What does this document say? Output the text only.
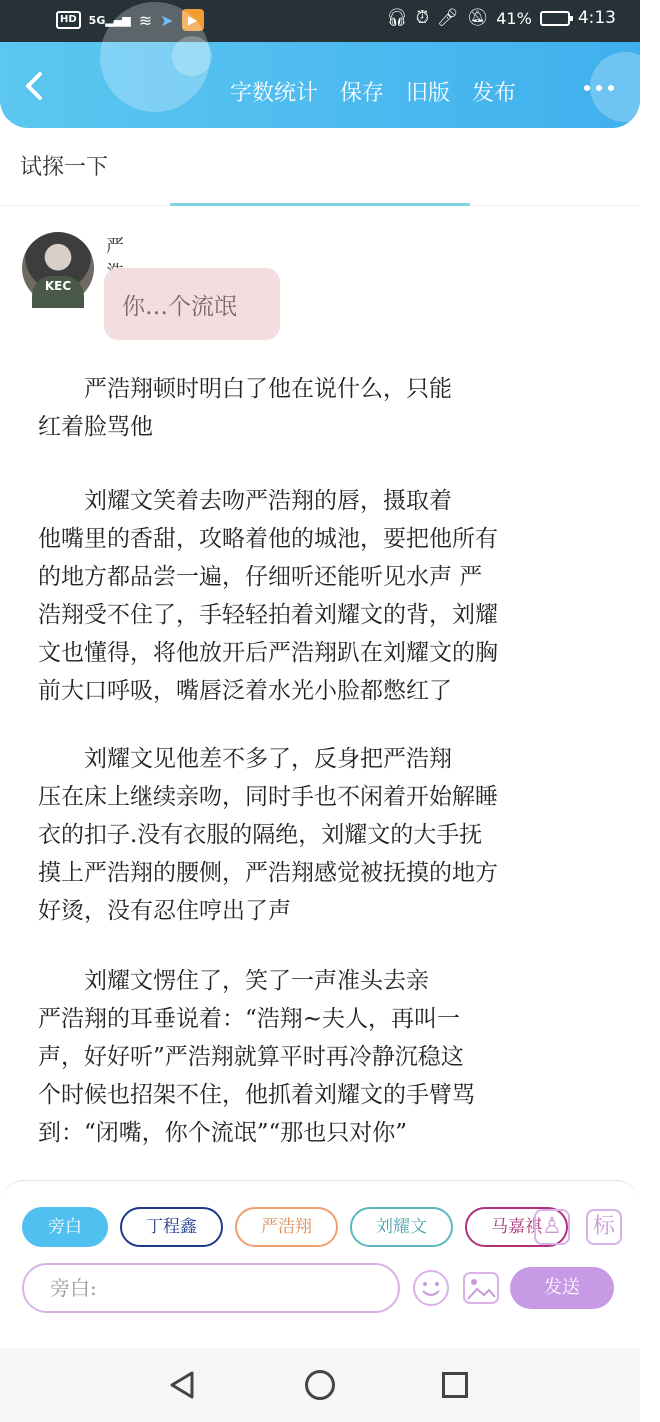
HD	5G▂▄▆ ≋ ➤	▶	🎧︎ ⏰︎ 🎤︎ 🔕︎ 41%	4:13
字数统计 保存 旧版 发布
试探一下
KEC
严
你…个流氓
　　严浩翔顿时明白了他在说什么，只能
红着脸骂他
　　刘耀文笑着去吻严浩翔的唇，摄取着
他嘴里的香甜，攻略着他的城池，要把他所有
的地方都品尝一遍，仔细听还能听见水声 严
浩翔受不住了，手轻轻拍着刘耀文的背，刘耀
文也懂得，将他放开后严浩翔趴在刘耀文的胸
前大口呼吸，嘴唇泛着水光小脸都憋红了
　　刘耀文见他差不多了，反身把严浩翔
压在床上继续亲吻，同时手也不闲着开始解睡
衣的扣子.没有衣服的隔绝，刘耀文的大手抚
摸上严浩翔的腰侧，严浩翔感觉被抚摸的地方
好烫，没有忍住哼出了声
　　刘耀文愣住了，笑了一声准头去亲
严浩翔的耳垂说着：“浩翔~夫人，再叫一
声，好好听”严浩翔就算平时再冷静沉稳这
个时候也招架不住，他抓着刘耀文的手臂骂
到：“闭嘴，你个流氓”“那也只对你”
旁白	丁程鑫	严浩翔	刘耀文	马嘉祺 ♙	标
旁白:	发送
